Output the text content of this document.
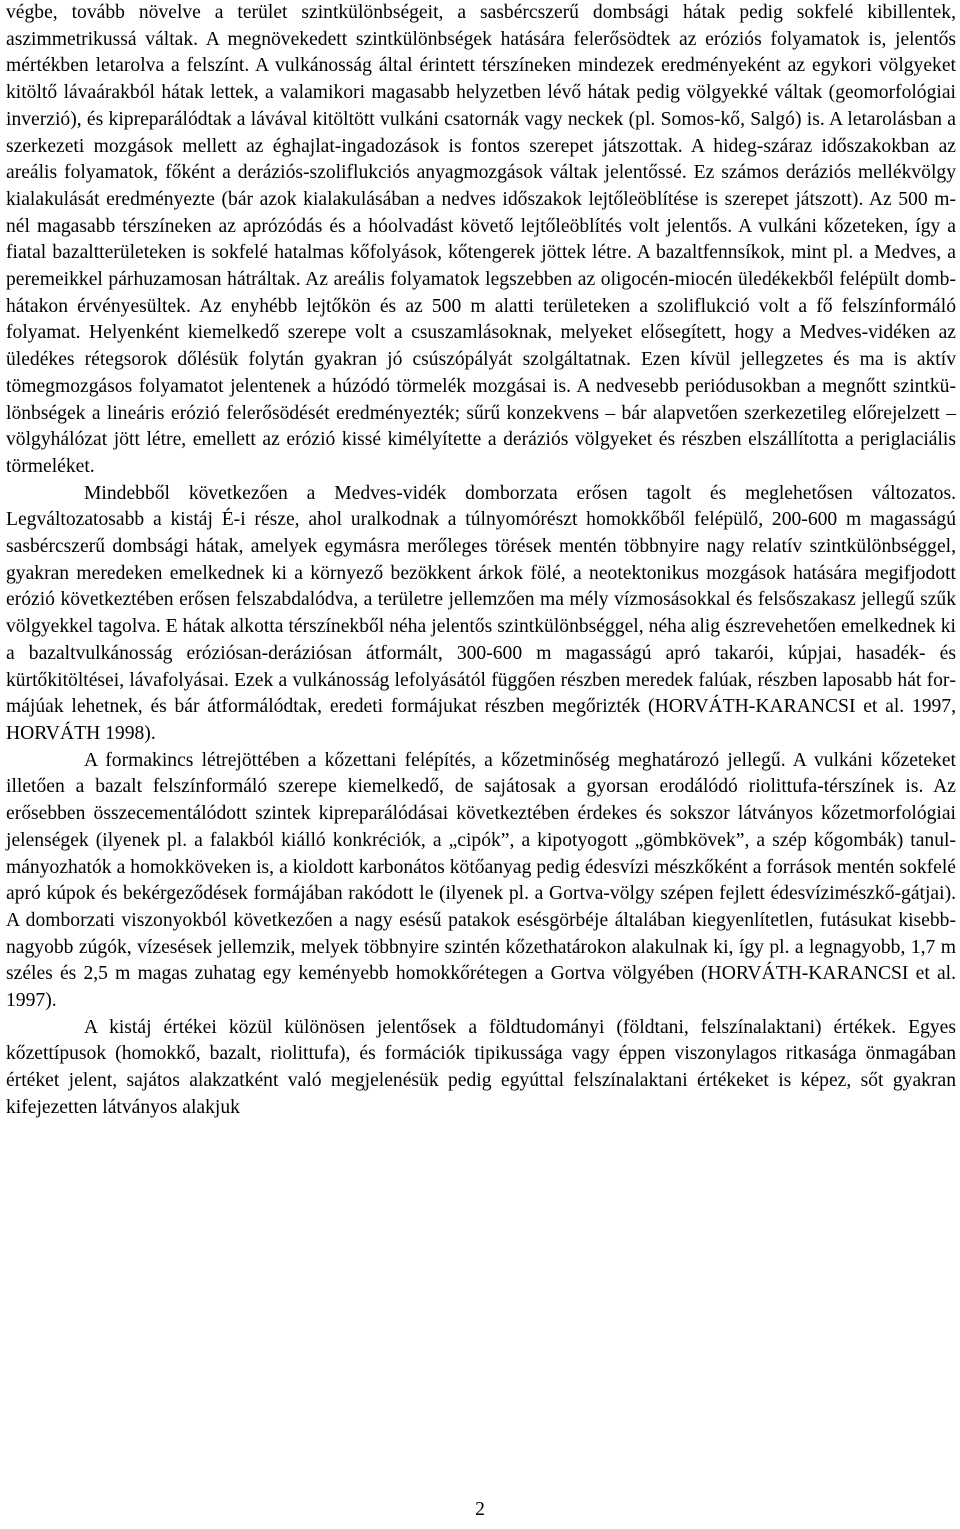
végbe, tovább növelve a terület szintkülönbségeit, a sasbércszerű dombsági hátak pedig sokfelé kibillentek, aszimmetrikussá váltak. A megnövekedett szintkülönbségek hatására felerősödtek az eróziós folyamatok is, jelentős mértékben letarolva a felszínt. A vulkánosság által érintett térszíneken mindezek eredményeként az egykori völgyeket kitöltő lávaárakból hátak lettek, a valamikori magasabb helyzetben lévő hátak pedig völgyekké váltak (geomorfológiai inverzió), és kipreparálódtak a lávával kitöltött vulkáni csatornák vagy neckek (pl. Somos-kő, Salgó) is. A letarolásban a szerkezeti mozgások mellett az éghajlat-ingadozások is fontos szerepet játszottak. A hideg-száraz időszakokban az areális folyamatok, főként a deráziós-szoliflukciós anyagmozgások váltak jelentőssé. Ez számos deráziós mellékvölgy kialakulását eredményezte (bár azok kialakulásában a nedves időszakok lejtőleöblítése is szerepet játszott). Az 500 m-nél magasabb térszíneken az aprózódás és a hóolvadást követő lejtőleöblítés volt jelentős. A vulkáni kőzeteken, így a fiatal bazaltterületeken is sokfelé hatalmas kőfolyások, kőtengerek jöttek létre. A bazaltfennsíkok, mint pl. a Medves, a peremeikkel párhuzamosan hátráltak. Az areális folyamatok legszebben az oligocén-miocén üledékekből felépült dombhátakon érvényesültek. Az enyhébb lejtőkön és az 500 m alatti területeken a szoliflukció volt a fő felszínformáló folyamat. Helyenként kiemelkedő szerepe volt a csuszamlásoknak, melyeket elősegített, hogy a Medves-vidéken az üledékes rétegsorok dőlésük folytán gyakran jó csúszópályát szolgáltatnak. Ezen kívül jellegzetes és ma is aktív tömegmozgásos folyamatot jelentenek a húzódó törmelék mozgásai is. A nedvesebb periódusokban a megnőtt szintkülönbségek a lineáris erózió felerősödését eredményezték; sűrű konzekvens – bár alapvetően szerkezetileg előrejelzett – völgyhálózat jött létre, emellett az erózió kissé kimélyítette a deráziós völgyeket és részben elszállította a periglaciális törmeléket.

Mindebből következően a Medves-vidék domborzata erősen tagolt és meglehetősen változatos. Legváltozatosabb a kistáj É-i része, ahol uralkodnak a túlnyomórészt homokkőből felépülő, 200-600 m magasságú sasbércszerű dombsági hátak, amelyek egymásra merőleges törések mentén többnyire nagy relatív szintkülönbséggel, gyakran meredeken emelkednek ki a környező bezökkent árkok fölé, a neotektonikus mozgások hatására megifjodott erózió következtében erősen felszabdalódva, a területre jellemzően ma mély vízmosásokkal és felsőszakasz jellegű szűk völgyekkel tagolva. E hátak alkotta térszínekből néha jelentős szintkülönbséggel, néha alig észrevehetően emelkednek ki a bazaltvulkánosság eróziósan-deráziósan átformált, 300-600 m magasságú apró takarói, kúpjai, hasadék- és kürtőkitöltései, lávafolyásai. Ezek a vulkánosság lefolyásától függően részben meredek falúak, részben laposabb hát formájúak lehetnek, és bár átformálódtak, eredeti formájukat részben megőrizték (HORVÁTH-KARANCSI et al. 1997, HORVÁTH 1998).

A formakincs létrejöttében a kőzettani felépítés, a kőzetminőség meghatározó jellegű. A vulkáni kőzeteket illetően a bazalt felszínformáló szerepe kiemelkedő, de sajátosak a gyorsan erodálódó riolittufa-térszínek is. Az erősebben összecementálódott szintek kipreparálódásai következtében érdekes és sokszor látványos kőzetmorfológiai jelenségek (ilyenek pl. a falakból kiálló konkréciók, a „cipók”, a kipotyogott „gömbkövek”, a szép kőgombák) tanulmányozhatók a homokköveken is, a kioldott karbonátos kötőanyag pedig édesvízi mészkőként a források mentén sokfelé apró kúpok és bekérgeződések formájában rakódott le (ilyenek pl. a Gortva-völgy szépen fejlett édesvízimészkő-gátjai). A domborzati viszonyokból következően a nagy esésű patakok esésgörbéje általában kiegyenlítetlen, futásukat kisebb-nagyobb zúgók, vízesések jellemzik, melyek többnyire szintén kőzethatárokon alakulnak ki, így pl. a legnagyobb, 1,7 m széles és 2,5 m magas zuhatag egy keményebb homokkőrétegen a Gortva völgyében (HORVÁTH-KARANCSI et al. 1997).

A kistáj értékei közül különösen jelentősek a földtudományi (földtani, felszínalaktani) értékek. Egyes kőzettípusok (homokkő, bazalt, riolittufa), és formációk tipikussága vagy éppen viszonylagos ritkasága önmagában értéket jelent, sajátos alakzatként való megjelenésük pedig egyúttal felszínalaktani értékeket is képez, sőt gyakran kifejezetten látványos alakjuk

2
